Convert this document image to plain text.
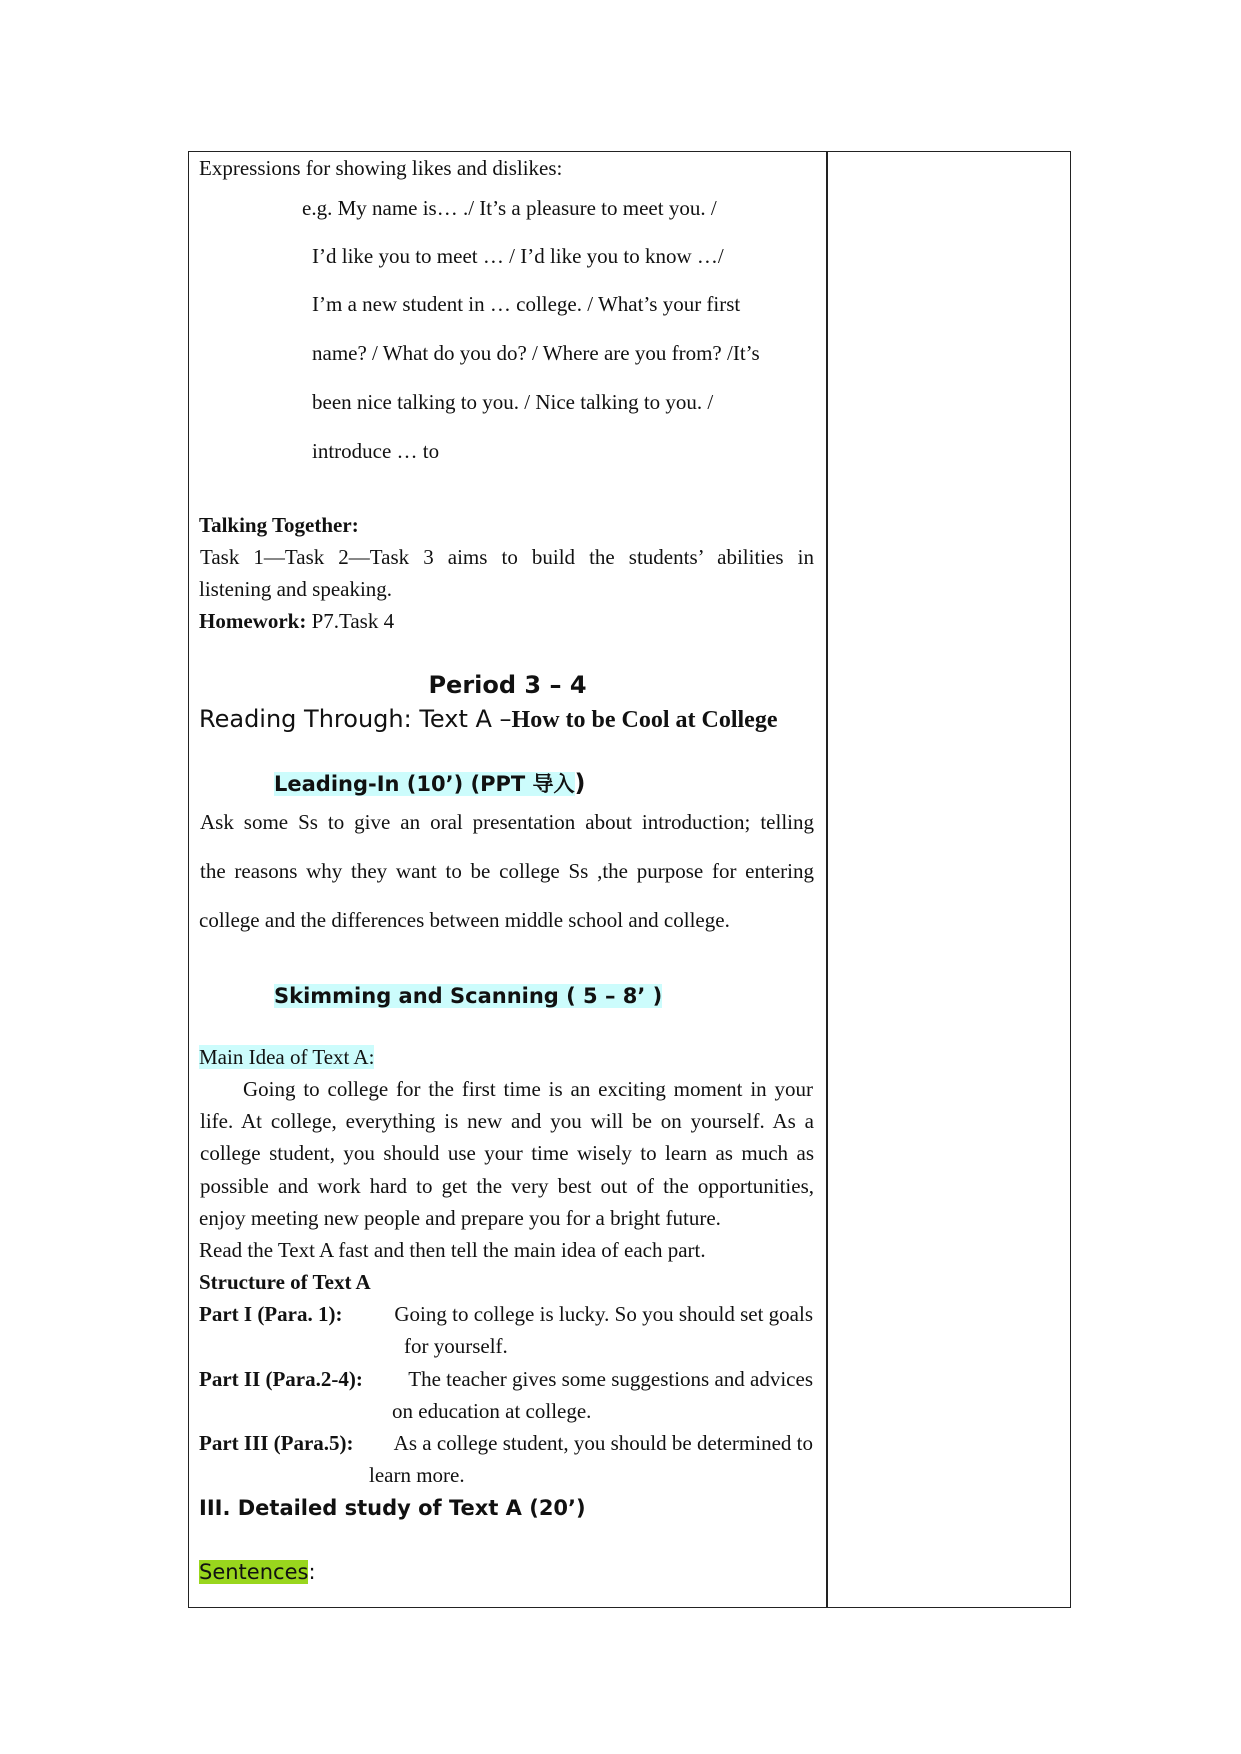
Expressions for showing likes and dislikes:
e.g. My name is… ./ It’s a pleasure to meet you. /
I’d like you to meet … / I’d like you to know …/
I’m a new student in … college. / What’s your first
name? / What do you do? / Where are you from? /It’s
been nice talking to you. / Nice talking to you. /
introduce … to
Talking Together:
Task 1—Task 2—Task 3 aims to build the students’ abilities in
listening and speaking.
Homework: P7.Task 4
Period 3 – 4
Reading Through: Text A –How to be Cool at College
Leading-In (10’) (PPT 导入)
Ask some Ss to give an oral presentation about introduction; telling
the reasons why they want to be college Ss ,the purpose for entering
college and the differences between middle school and college.
Skimming and Scanning ( 5 – 8’ )
Main Idea of Text A:
Going to college for the first time is an exciting moment in your
life. At college, everything is new and you will be on yourself. As a
college student, you should use your time wisely to learn as much as
possible and work hard to get the very best out of the opportunities,
enjoy meeting new people and prepare you for a bright future.
Read the Text A fast and then tell the main idea of each part.
Structure of Text A
Part I (Para. 1): Going to college is lucky. So you should set goals
for yourself.
Part II (Para.2-4): The teacher gives some suggestions and advices
on education at college.
Part III (Para.5): As a college student, you should be determined to
learn more.
III. Detailed study of Text A (20’)
Sentences:
